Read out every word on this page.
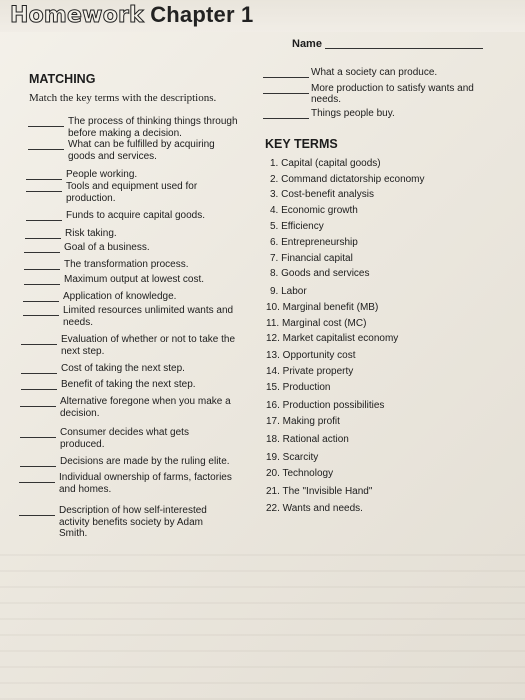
Homework Chapter 1
Name
What a society can produce.
More production to satisfy wants and needs.
Things people buy.
MATCHING
Match the key terms with the descriptions.
The process of thinking things through before making a decision.
What can be fulfilled by acquiring goods and services.
People working.
Tools and equipment used for production.
Funds to acquire capital goods.
Risk taking.
Goal of a business.
The transformation process.
Maximum output at lowest cost.
Application of knowledge.
Limited resources unlimited wants and needs.
Evaluation of whether or not to take the next step.
Cost of taking the next step.
Benefit of taking the next step.
Alternative foregone when you make a decision.
Consumer decides what gets produced.
Decisions are made by the ruling elite.
Individual ownership of farms, factories and homes.
Description of how self-interested activity benefits society by Adam Smith.
KEY TERMS
1. Capital (capital goods)
2. Command dictatorship economy
3. Cost-benefit analysis
4. Economic growth
5. Efficiency
6. Entrepreneurship
7. Financial capital
8. Goods and services
9. Labor
10. Marginal benefit (MB)
11. Marginal cost (MC)
12. Market capitalist economy
13. Opportunity cost
14. Private property
15. Production
16. Production possibilities
17. Making profit
18. Rational action
19. Scarcity
20. Technology
21. The "Invisible Hand"
22. Wants and needs.
